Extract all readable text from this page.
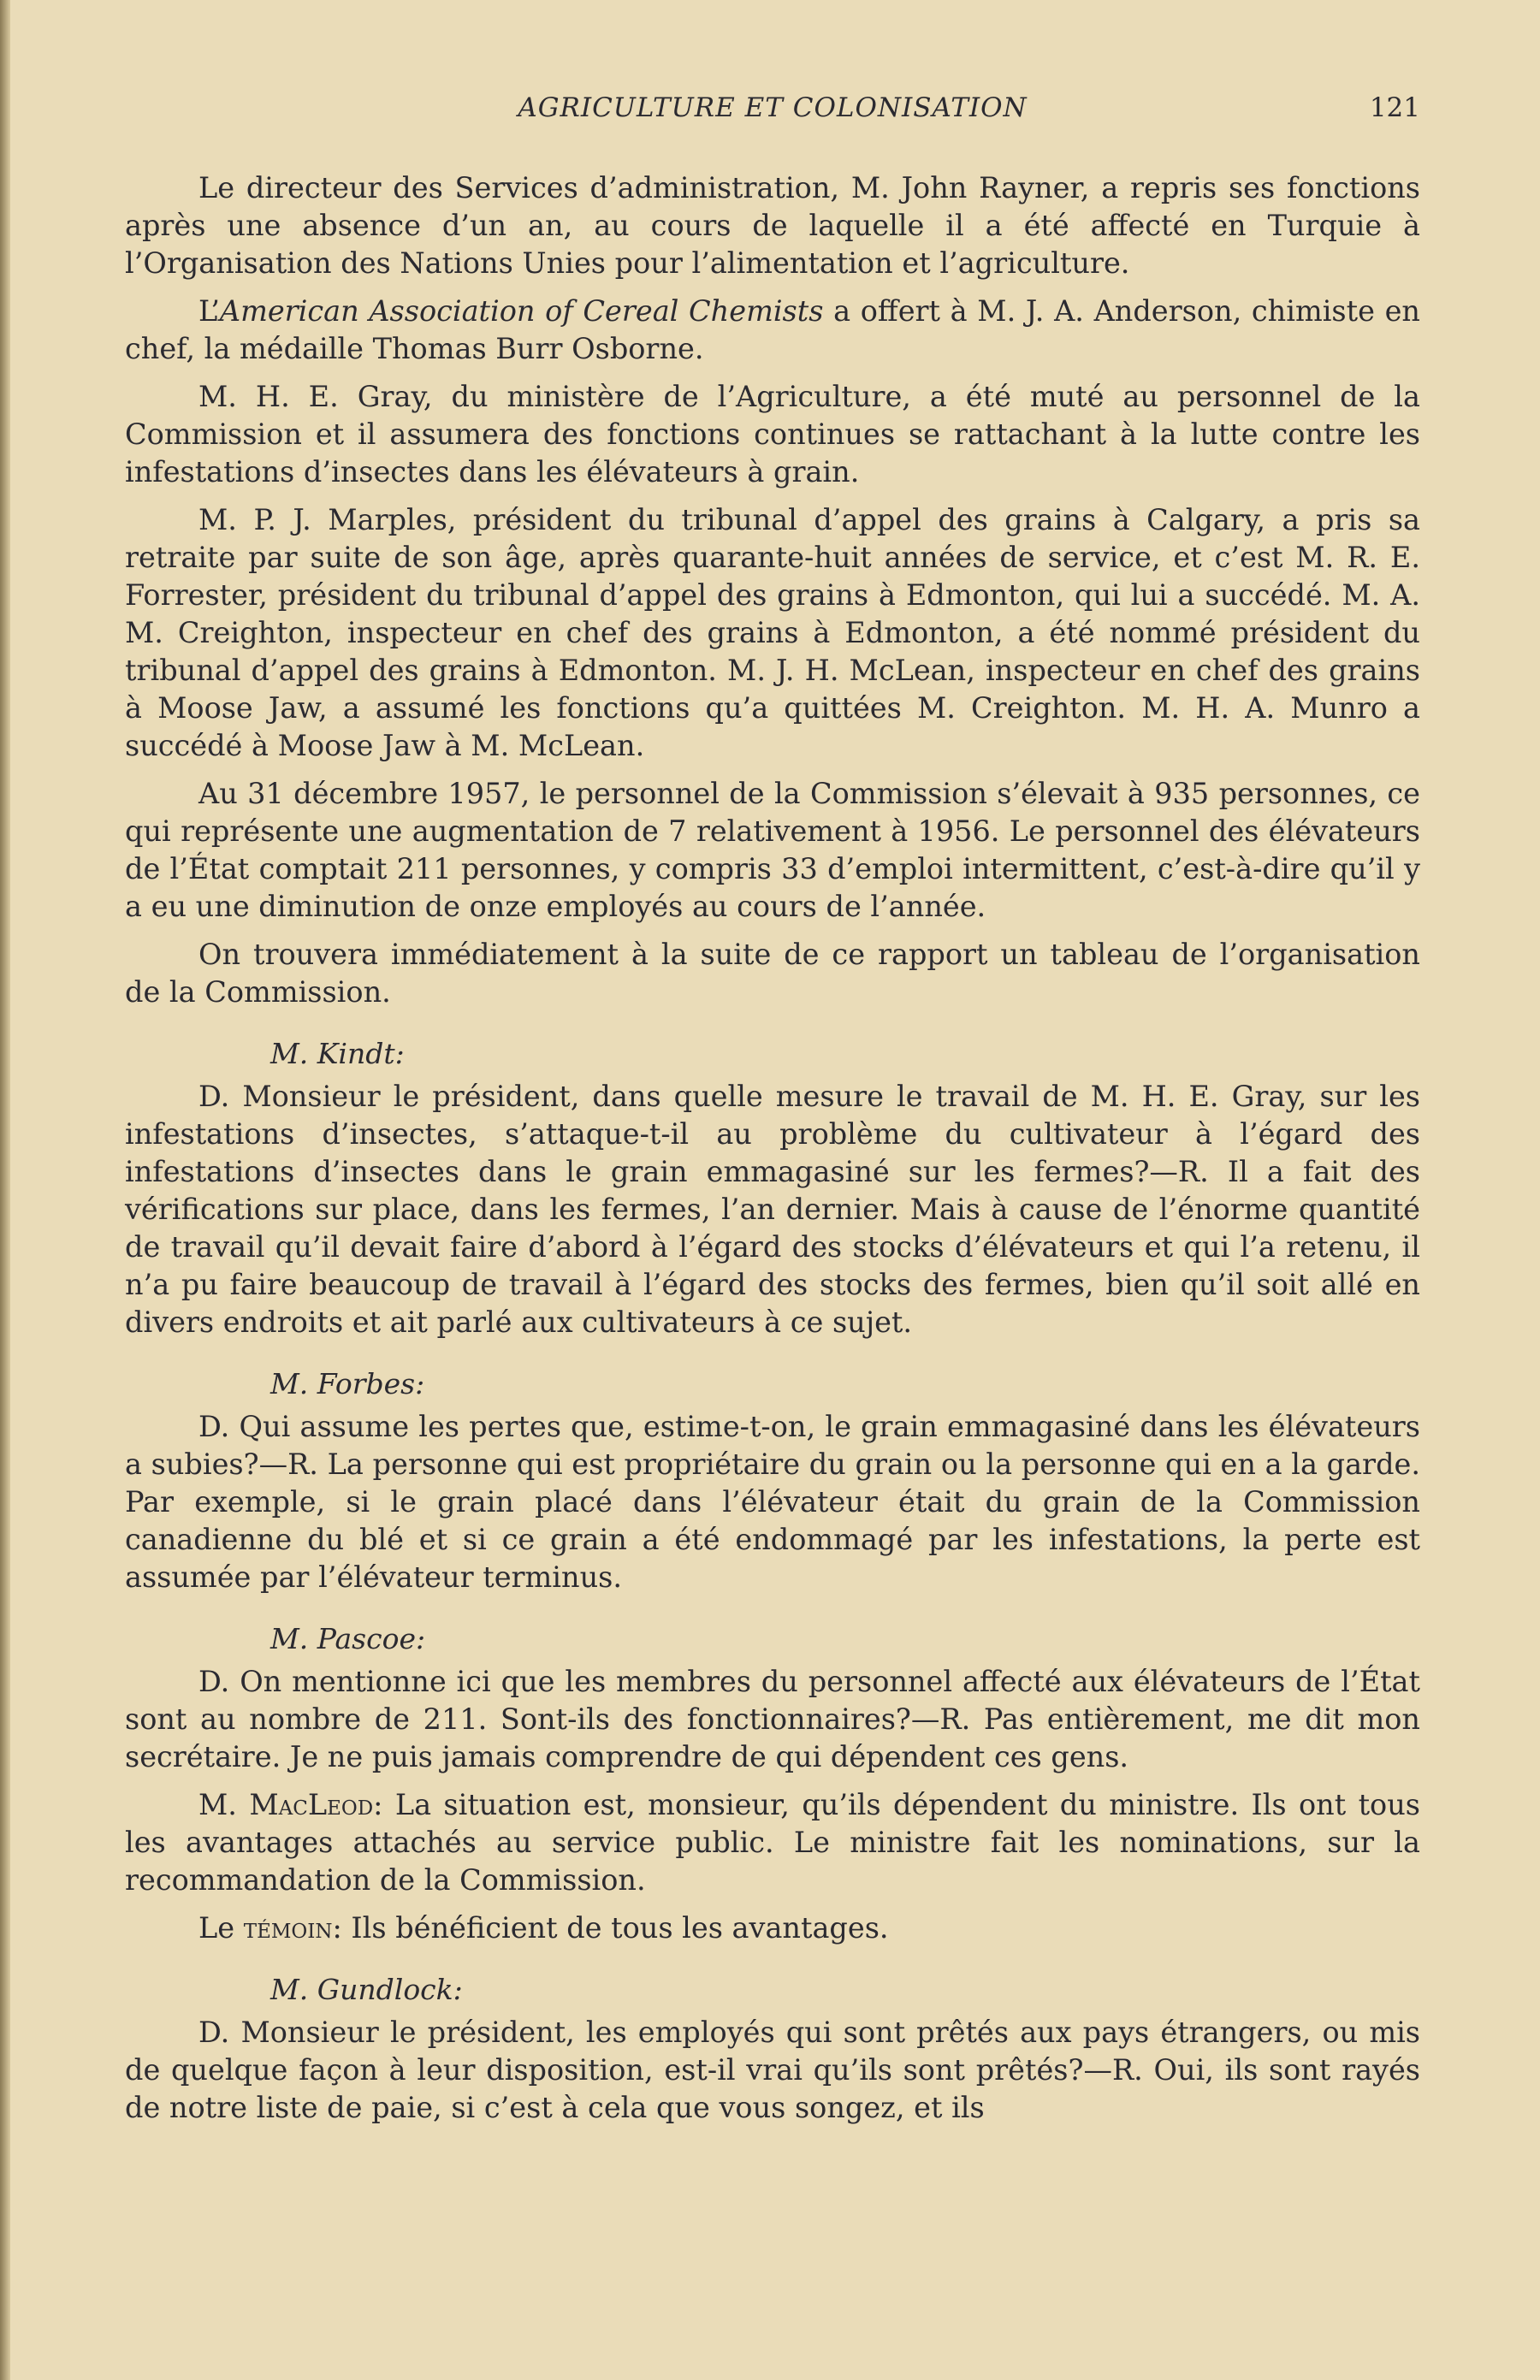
AGRICULTURE ET COLONISATION	121

Le directeur des Services d’administration, M. John Rayner, a repris ses fonctions après une absence d’un an, au cours de laquelle il a été affecté en Turquie à l’Organisation des Nations Unies pour l’alimentation et l’agriculture.

L’American Association of Cereal Chemists a offert à M. J. A. Anderson, chimiste en chef, la médaille Thomas Burr Osborne.

M. H. E. Gray, du ministère de l’Agriculture, a été muté au personnel de la Commission et il assumera des fonctions continues se rattachant à la lutte contre les infestations d’insectes dans les élévateurs à grain.

M. P. J. Marples, président du tribunal d’appel des grains à Calgary, a pris sa retraite par suite de son âge, après quarante-huit années de service, et c’est M. R. E. Forrester, président du tribunal d’appel des grains à Edmonton, qui lui a succédé. M. A. M. Creighton, inspecteur en chef des grains à Edmonton, a été nommé président du tribunal d’appel des grains à Edmonton. M. J. H. McLean, inspecteur en chef des grains à Moose Jaw, a assumé les fonctions qu’a quittées M. Creighton. M. H. A. Munro a succédé à Moose Jaw à M. McLean.

Au 31 décembre 1957, le personnel de la Commission s’élevait à 935 personnes, ce qui représente une augmentation de 7 relativement à 1956. Le personnel des élévateurs de l’État comptait 211 personnes, y compris 33 d’emploi intermittent, c’est-à-dire qu’il y a eu une diminution de onze employés au cours de l’année.

On trouvera immédiatement à la suite de ce rapport un tableau de l’organisation de la Commission.

M. Kindt:

D. Monsieur le président, dans quelle mesure le travail de M. H. E. Gray, sur les infestations d’insectes, s’attaque-t-il au problème du cultivateur à l’égard des infestations d’insectes dans le grain emmagasiné sur les fermes?—R. Il a fait des vérifications sur place, dans les fermes, l’an dernier. Mais à cause de l’énorme quantité de travail qu’il devait faire d’abord à l’égard des stocks d’élévateurs et qui l’a retenu, il n’a pu faire beaucoup de travail à l’égard des stocks des fermes, bien qu’il soit allé en divers endroits et ait parlé aux cultivateurs à ce sujet.

M. Forbes:

D. Qui assume les pertes que, estime-t-on, le grain emmagasiné dans les élévateurs a subies?—R. La personne qui est propriétaire du grain ou la personne qui en a la garde. Par exemple, si le grain placé dans l’élévateur était du grain de la Commission canadienne du blé et si ce grain a été endommagé par les infestations, la perte est assumée par l’élévateur terminus.

M. Pascoe:

D. On mentionne ici que les membres du personnel affecté aux élévateurs de l’État sont au nombre de 211. Sont-ils des fonctionnaires?—R. Pas entièrement, me dit mon secrétaire. Je ne puis jamais comprendre de qui dépendent ces gens.

M. MacLeod: La situation est, monsieur, qu’ils dépendent du ministre. Ils ont tous les avantages attachés au service public. Le ministre fait les nominations, sur la recommandation de la Commission.

Le témoin: Ils bénéficient de tous les avantages.

M. Gundlock:

D. Monsieur le président, les employés qui sont prêtés aux pays étrangers, ou mis de quelque façon à leur disposition, est-il vrai qu’ils sont prêtés?—R. Oui, ils sont rayés de notre liste de paie, si c’est à cela que vous songez, et ils
